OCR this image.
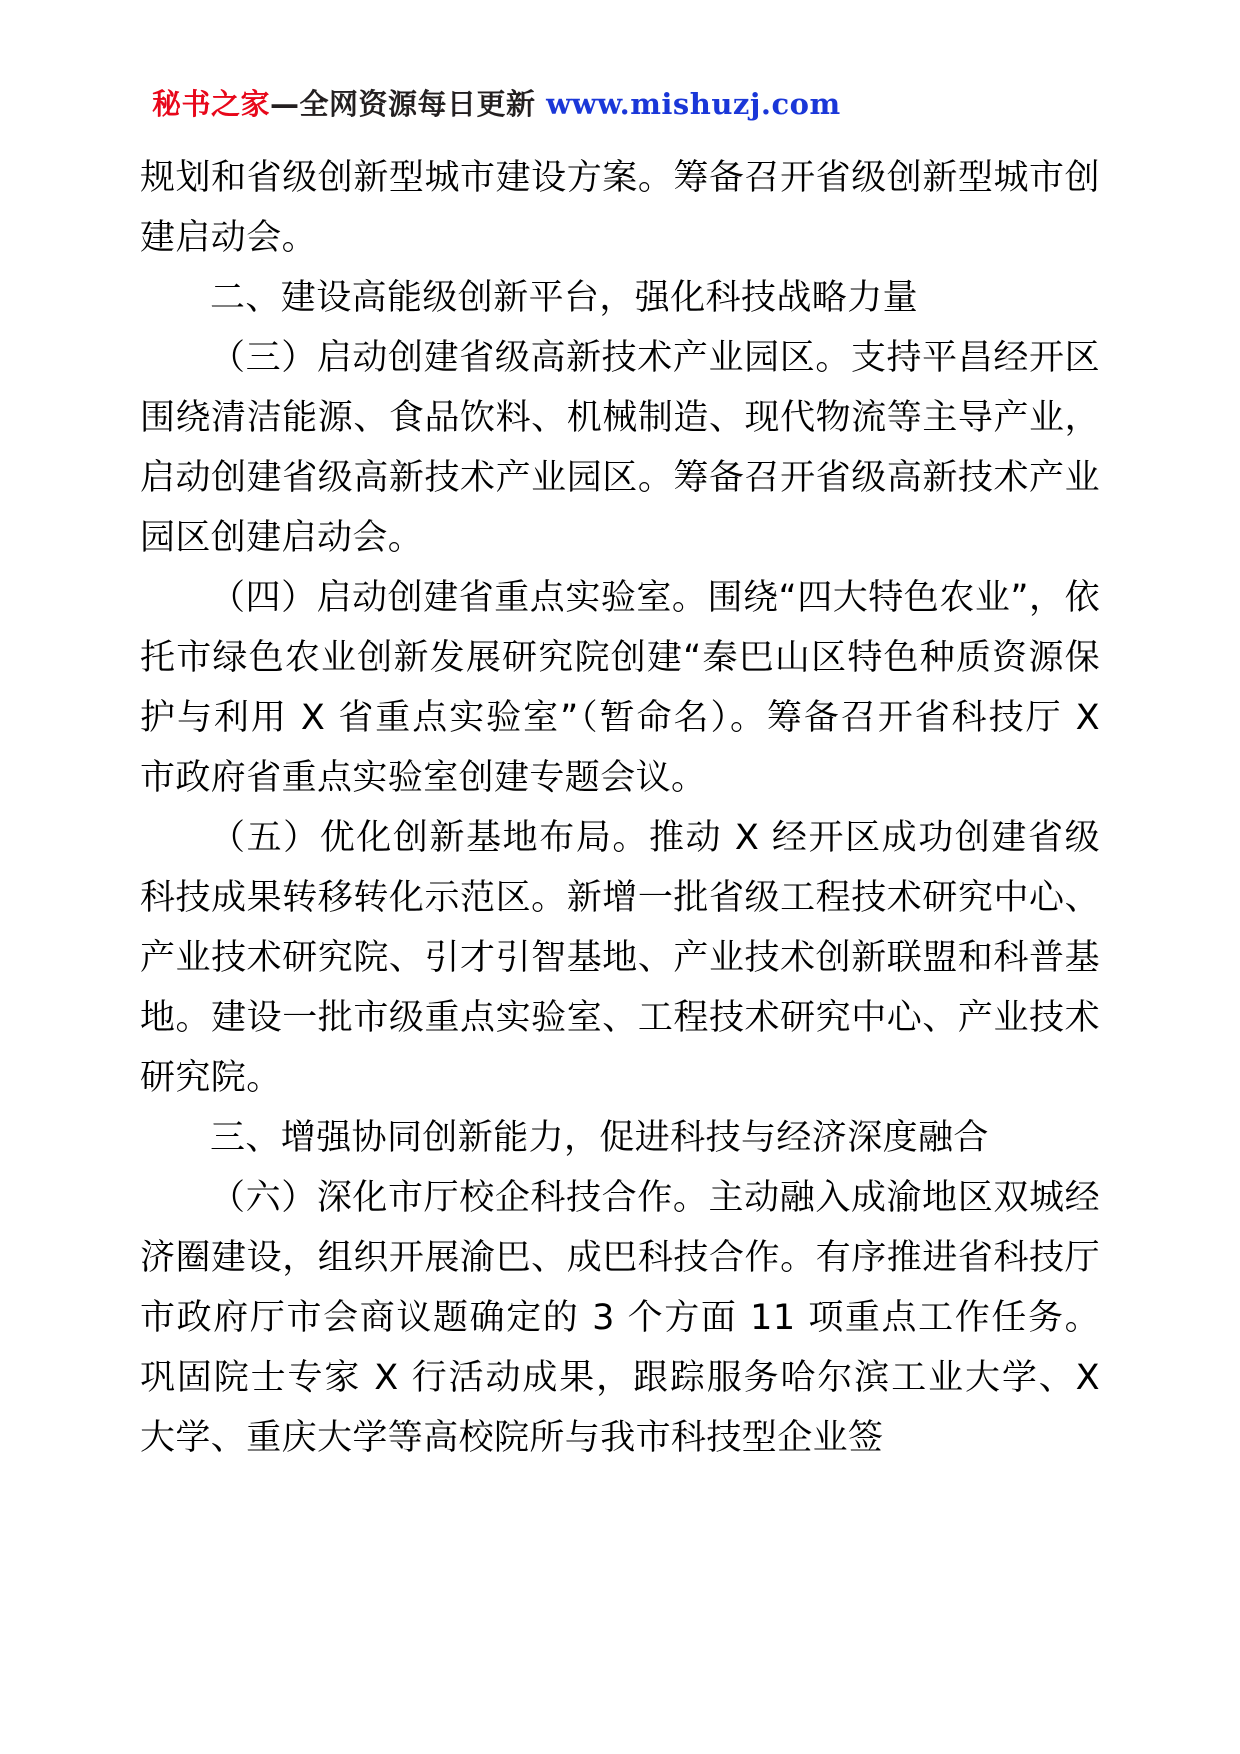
秘书之家—全网资源每日更新 www.mishuzj.com

规划和省级创新型城市建设方案。筹备召开省级创新型城市创建启动会。

二、建设高能级创新平台，强化科技战略力量

（三）启动创建省级高新技术产业园区。支持平昌经开区围绕清洁能源、食品饮料、机械制造、现代物流等主导产业，启动创建省级高新技术产业园区。筹备召开省级高新技术产业园区创建启动会。

（四）启动创建省重点实验室。围绕“四大特色农业”，依托市绿色农业创新发展研究院创建“秦巴山区特色种质资源保护与利用 X 省重点实验室”（暂命名）。筹备召开省科技厅 X 市政府省重点实验室创建专题会议。

（五）优化创新基地布局。推动 X 经开区成功创建省级科技成果转移转化示范区。新增一批省级工程技术研究中心、产业技术研究院、引才引智基地、产业技术创新联盟和科普基地。建设一批市级重点实验室、工程技术研究中心、产业技术研究院。

三、增强协同创新能力，促进科技与经济深度融合

（六）深化市厅校企科技合作。主动融入成渝地区双城经济圈建设，组织开展渝巴、成巴科技合作。有序推进省科技厅市政府厅市会商议题确定的 3 个方面 11 项重点工作任务。巩固院士专家 X 行活动成果，跟踪服务哈尔滨工业大学、X 大学、重庆大学等高校院所与我市科技型企业签
